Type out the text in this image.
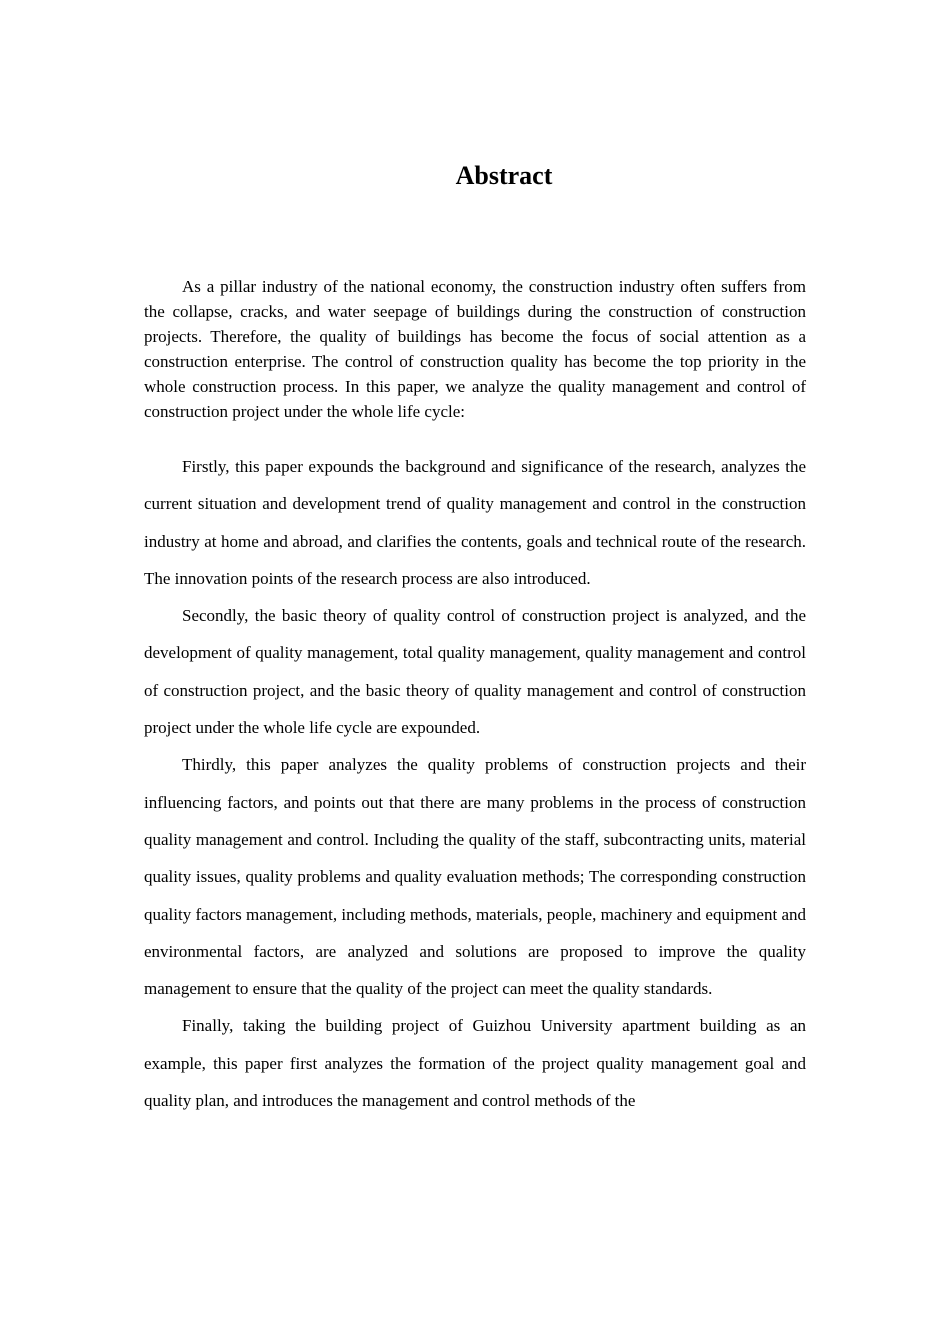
Abstract

As a pillar industry of the national economy, the construction industry often suffers from the collapse, cracks, and water seepage of buildings during the construction of construction projects. Therefore, the quality of buildings has become the focus of social attention as a construction enterprise. The control of construction quality has become the top priority in the whole construction process. In this paper, we analyze the quality management and control of construction project under the whole life cycle:

Firstly, this paper expounds the background and significance of the research, analyzes the current situation and development trend of quality management and control in the construction industry at home and abroad, and clarifies the contents, goals and technical route of the research. The innovation points of the research process are also introduced.

Secondly, the basic theory of quality control of construction project is analyzed, and the development of quality management, total quality management, quality management and control of construction project, and the basic theory of quality management and control of construction project under the whole life cycle are expounded.

Thirdly, this paper analyzes the quality problems of construction projects and their influencing factors, and points out that there are many problems in the process of construction quality management and control. Including the quality of the staff, subcontracting units, material quality issues, quality problems and quality evaluation methods; The corresponding construction quality factors management, including methods, materials, people, machinery and equipment and environmental factors, are analyzed and solutions are proposed to improve the quality management to ensure that the quality of the project can meet the quality standards.

Finally, taking the building project of Guizhou University apartment building as an example, this paper first analyzes the formation of the project quality management goal and quality plan, and introduces the management and control methods of the
